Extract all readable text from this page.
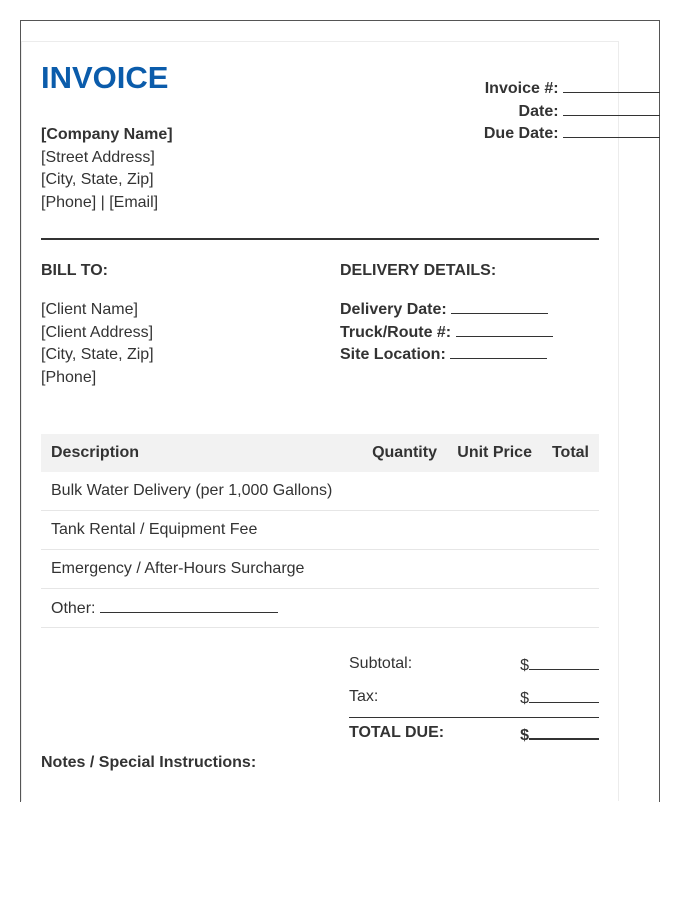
INVOICE
[Company Name]
[Street Address]
[City, State, Zip]
[Phone] | [Email]
Invoice #:
Date:
Due Date:
BILL TO:	DELIVERY DETAILS:
[Client Name]
[Client Address]
[City, State, Zip]
[Phone]
Delivery Date:
Truck/Route #:
Site Location:
Description	Quantity	Unit Price	Total
Bulk Water Delivery (per 1,000 Gallons)			
Tank Rental / Equipment Fee			
Emergency / After-Hours Surcharge			
Other:			
Subtotal:	$
Tax:	$
TOTAL DUE:	$
Notes / Special Instructions:
